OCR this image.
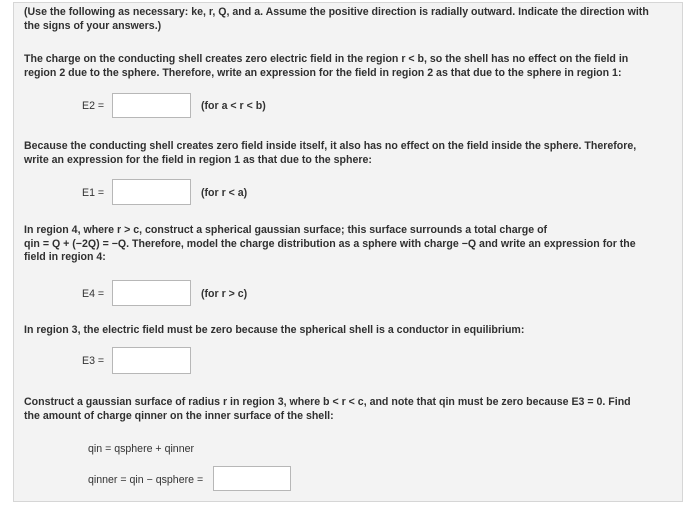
(Use the following as necessary: ke, r, Q, and a. Assume the positive direction is radially outward. Indicate the direction with
the signs of your answers.)
The charge on the conducting shell creates zero electric field in the region r < b, so the shell has no effect on the field in
region 2 due to the sphere. Therefore, write an expression for the field in region 2 as that due to the sphere in region 1:
E2 =	(for a < r < b)
Because the conducting shell creates zero field inside itself, it also has no effect on the field inside the sphere. Therefore,
write an expression for the field in region 1 as that due to the sphere:
E1 =	(for r < a)
In region 4, where r > c, construct a spherical gaussian surface; this surface surrounds a total charge of
qin = Q + (−2Q) = −Q. Therefore, model the charge distribution as a sphere with charge −Q and write an expression for the
field in region 4:
E4 =	(for r > c)
In region 3, the electric field must be zero because the spherical shell is a conductor in equilibrium:
E3 =
Construct a gaussian surface of radius r in region 3, where b < r < c, and note that qin must be zero because E3 = 0. Find
the amount of charge qinner on the inner surface of the shell:
qin = qsphere + qinner
qinner = qin − qsphere =
